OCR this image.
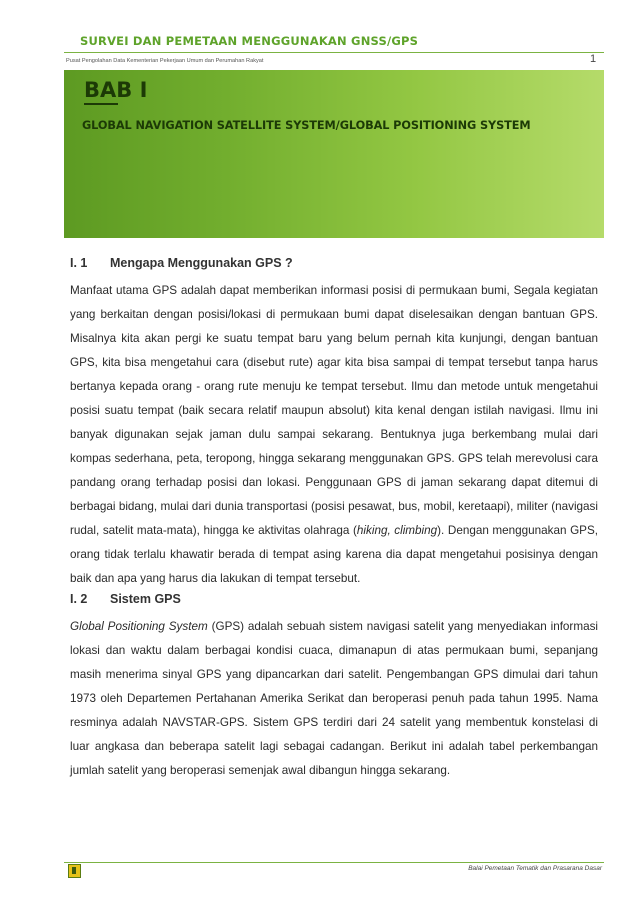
SURVEI DAN PEMETAAN MENGGUNAKAN GNSS/GPS
Pusat Pengolahan Data Kementerian Pekerjaan Umum dan Perumahan Rakyat	1
BAB I
GLOBAL NAVIGATION SATELLITE SYSTEM/GLOBAL POSITIONING SYSTEM
I. 1 Mengapa Menggunakan GPS ?
Manfaat utama GPS adalah dapat memberikan informasi posisi di permukaan bumi, Segala kegiatan yang berkaitan dengan posisi/lokasi di permukaan bumi dapat diselesaikan dengan bantuan GPS. Misalnya kita akan pergi ke suatu tempat baru yang belum pernah kita kunjungi, dengan bantuan GPS, kita bisa mengetahui cara (disebut rute) agar kita bisa sampai di tempat tersebut tanpa harus bertanya kepada orang - orang rute menuju ke tempat tersebut. Ilmu dan metode untuk mengetahui posisi suatu tempat (baik secara relatif maupun absolut) kita kenal dengan istilah navigasi. Ilmu ini banyak digunakan sejak jaman dulu sampai sekarang. Bentuknya juga berkembang mulai dari kompas sederhana, peta, teropong, hingga sekarang menggunakan GPS. GPS telah merevolusi cara pandang orang terhadap posisi dan lokasi. Penggunaan GPS di jaman sekarang dapat ditemui di berbagai bidang, mulai dari dunia transportasi (posisi pesawat, bus, mobil, keretaapi), militer (navigasi rudal, satelit mata-mata), hingga ke aktivitas olahraga (hiking, climbing). Dengan menggunakan GPS, orang tidak terlalu khawatir berada di tempat asing karena dia dapat mengetahui posisinya dengan baik dan apa yang harus dia lakukan di tempat tersebut.
I. 2 Sistem GPS
Global Positioning System (GPS) adalah sebuah sistem navigasi satelit yang menyediakan informasi lokasi dan waktu dalam berbagai kondisi cuaca, dimanapun di atas permukaan bumi, sepanjang masih menerima sinyal GPS yang dipancarkan dari satelit. Pengembangan GPS dimulai dari tahun 1973 oleh Departemen Pertahanan Amerika Serikat dan beroperasi penuh pada tahun 1995. Nama resminya adalah NAVSTAR-GPS. Sistem GPS terdiri dari 24 satelit yang membentuk konstelasi di luar angkasa dan beberapa satelit lagi sebagai cadangan. Berikut ini adalah tabel perkembangan jumlah satelit yang beroperasi semenjak awal dibangun hingga sekarang.
Balai Pemetaan Tematik dan Prasarana Dasar
